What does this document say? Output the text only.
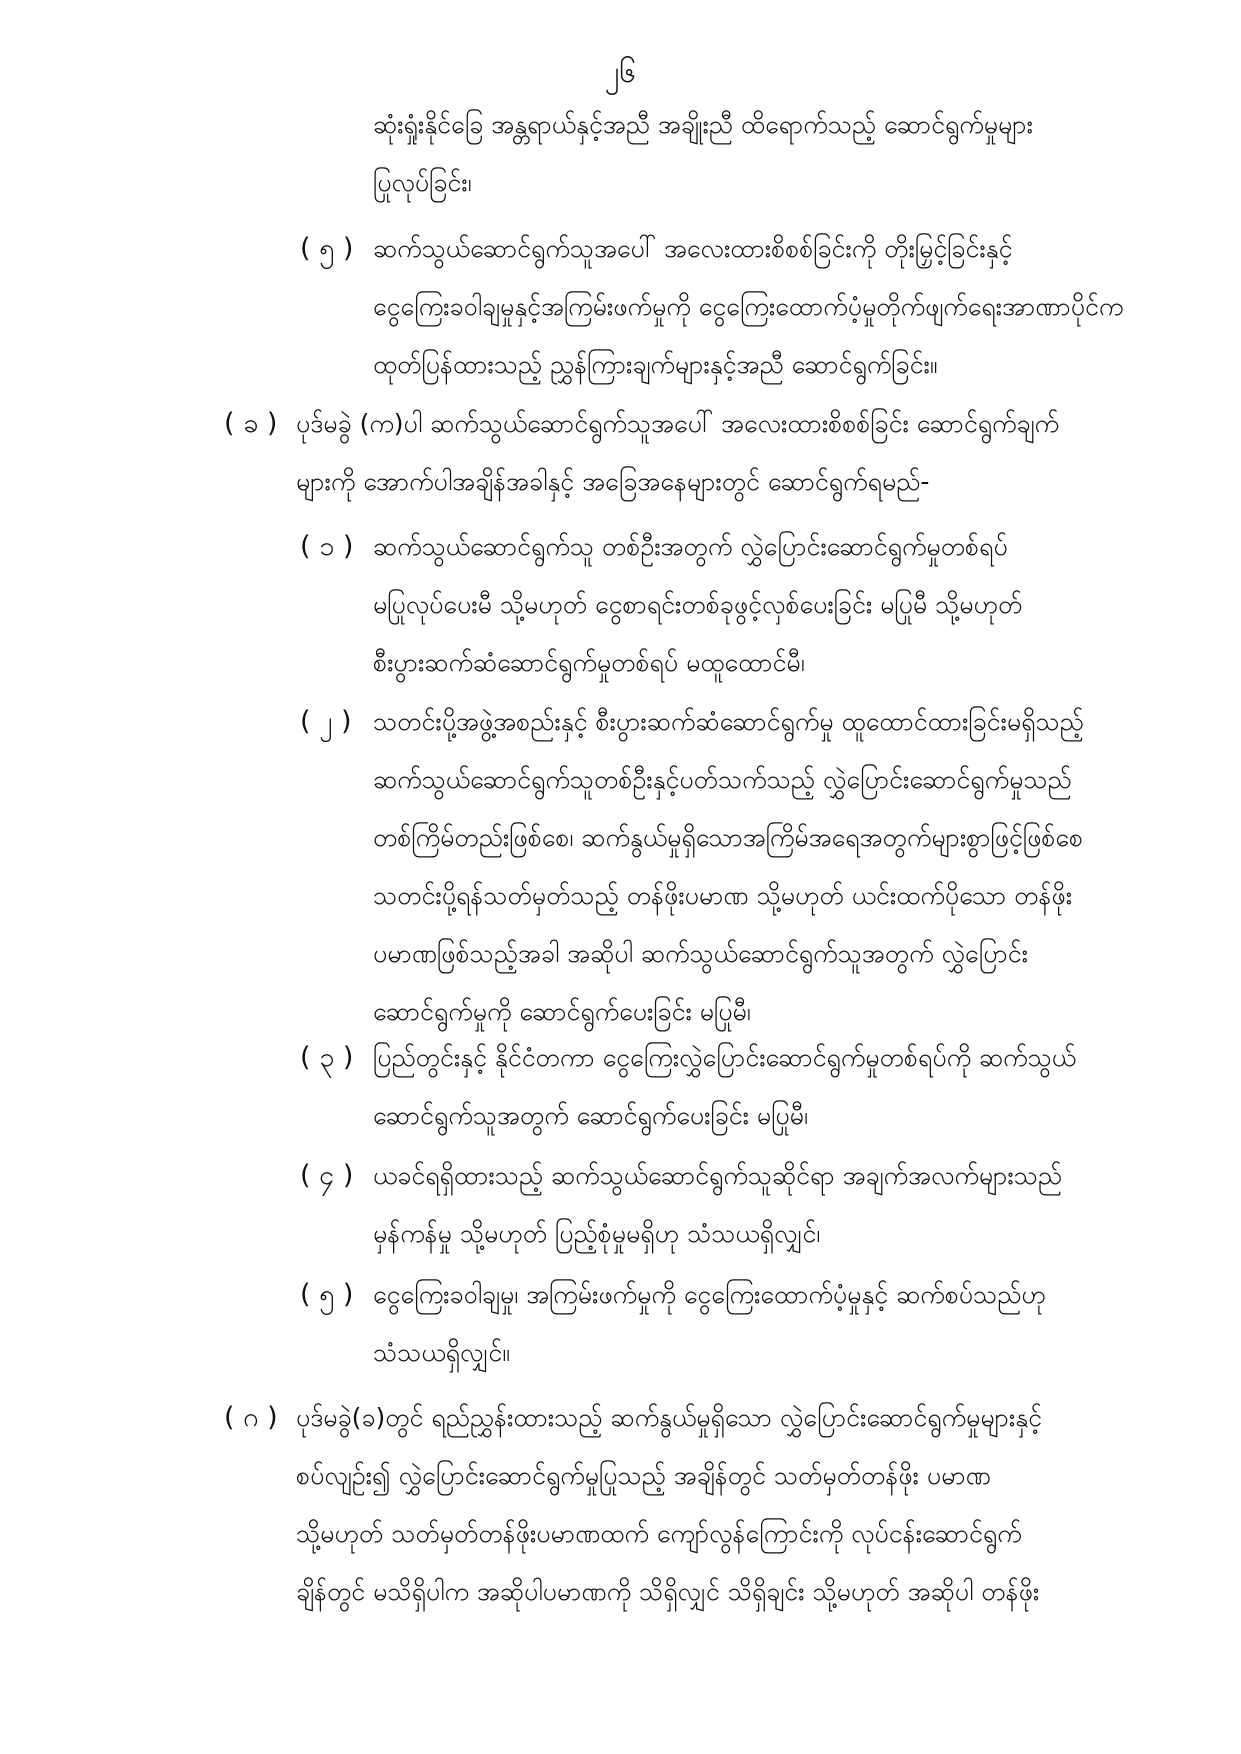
၂၆
ဆုံးရှုံးနိုင်ခြေ အန္တရာယ်နှင့်အညီ အချိုးညီ ထိရောက်သည့် ဆောင်ရွက်မှုများ
ပြုလုပ်ခြင်း၊
( ၅ ) ဆက်သွယ်ဆောင်ရွက်သူအပေါ် အလေးထားစိစစ်ခြင်းကို တိုးမြှင့်ခြင်းနှင့်
ငွေကြေးခဝါချမှုနှင့်အကြမ်းဖက်မှုကို ငွေကြေးထောက်ပံ့မှုတိုက်ဖျက်ရေးအာဏာပိုင်က
ထုတ်ပြန်ထားသည့် ညွှန်ကြားချက်များနှင့်အညီ ဆောင်ရွက်ခြင်း။
( ခ ) ပုဒ်မခွဲ (က)ပါ ဆက်သွယ်ဆောင်ရွက်သူအပေါ် အလေးထားစိစစ်ခြင်း ဆောင်ရွက်ချက်
များကို အောက်ပါအချိန်အခါနှင့် အခြေအနေများတွင် ဆောင်ရွက်ရမည်-
( ၁ ) ဆက်သွယ်ဆောင်ရွက်သူ တစ်ဦးအတွက် လွှဲပြောင်းဆောင်ရွက်မှုတစ်ရပ်
မပြုလုပ်ပေးမီ သို့မဟုတ် ငွေစာရင်းတစ်ခုဖွင့်လှစ်ပေးခြင်း မပြုမီ သို့မဟုတ်
စီးပွားဆက်ဆံဆောင်ရွက်မှုတစ်ရပ် မထူထောင်မီ၊
( ၂ ) သတင်းပို့အဖွဲ့အစည်းနှင့် စီးပွားဆက်ဆံဆောင်ရွက်မှု ထူထောင်ထားခြင်းမရှိသည့်
ဆက်သွယ်ဆောင်ရွက်သူတစ်ဦးနှင့်ပတ်သက်သည့် လွှဲပြောင်းဆောင်ရွက်မှုသည်
တစ်ကြိမ်တည်းဖြစ်စေ၊ ဆက်နွယ်မှုရှိသောအကြိမ်အရေအတွက်များစွာဖြင့်ဖြစ်စေ
သတင်းပို့ရန်သတ်မှတ်သည့် တန်ဖိုးပမာဏ သို့မဟုတ် ယင်းထက်ပိုသော တန်ဖိုး
ပမာဏဖြစ်သည့်အခါ အဆိုပါ ဆက်သွယ်ဆောင်ရွက်သူအတွက် လွှဲပြောင်း
ဆောင်ရွက်မှုကို ဆောင်ရွက်ပေးခြင်း မပြုမီ၊
( ၃ ) ပြည်တွင်းနှင့် နိုင်ငံတကာ ငွေကြေးလွှဲပြောင်းဆောင်ရွက်မှုတစ်ရပ်ကို ဆက်သွယ်
ဆောင်ရွက်သူအတွက် ဆောင်ရွက်ပေးခြင်း မပြုမီ၊
( ၄ ) ယခင်ရရှိထားသည့် ဆက်သွယ်ဆောင်ရွက်သူဆိုင်ရာ အချက်အလက်များသည်
မှန်ကန်မှု သို့မဟုတ် ပြည့်စုံမှုမရှိဟု သံသယရှိလျှင်၊
( ၅ ) ငွေကြေးခဝါချမှု၊ အကြမ်းဖက်မှုကို ငွေကြေးထောက်ပံ့မှုနှင့် ဆက်စပ်သည်ဟု
သံသယရှိလျှင်။
( ဂ ) ပုဒ်မခွဲ(ခ)တွင် ရည်ညွှန်းထားသည့် ဆက်နွယ်မှုရှိသော လွှဲပြောင်းဆောင်ရွက်မှုများနှင့်
စပ်လျဉ်း၍ လွှဲပြောင်းဆောင်ရွက်မှုပြုသည့် အချိန်တွင် သတ်မှတ်တန်ဖိုး ပမာဏ
သို့မဟုတ် သတ်မှတ်တန်ဖိုးပမာဏထက် ကျော်လွန်ကြောင်းကို လုပ်ငန်းဆောင်ရွက်
ချိန်တွင် မသိရှိပါက အဆိုပါပမာဏကို သိရှိလျှင် သိရှိချင်း သို့မဟုတ် အဆိုပါ တန်ဖိုး
